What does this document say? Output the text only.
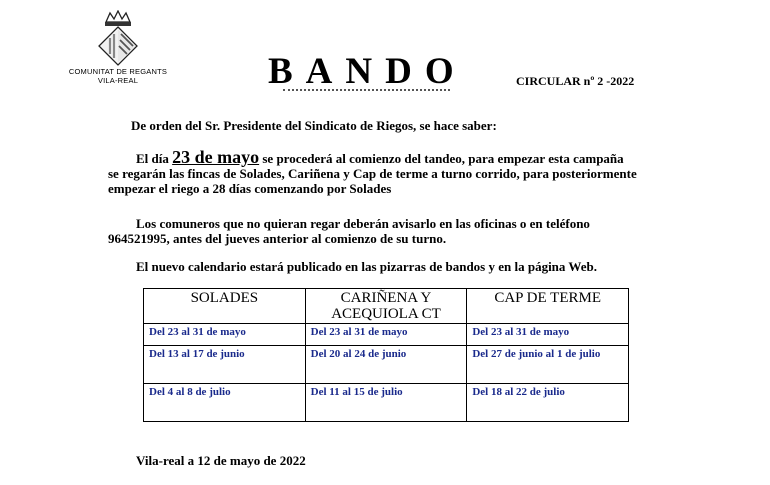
COMUNITAT DE REGANTS
VILA-REAL	BANDO	CIRCULAR nº 2 -2022
De orden del Sr. Presidente del Sindicato de Riegos, se hace saber:
El día 23 de mayo se procederá al comienzo del tandeo, para empezar esta campaña
se regarán las fincas de Solades, Cariñena y Cap de terme a turno corrido, para posteriormente
empezar el riego a 28 días comenzando por Solades
Los comuneros que no quieran regar deberán avisarlo en las oficinas o en teléfono
964521995, antes del jueves anterior al comienzo de su turno.
El nuevo calendario estará publicado en las pizarras de bandos y en la página Web.
SOLADES	CARIÑENA Y ACEQUIOLA CT	CAP DE TERME
Del 23 al 31 de mayo	Del 23 al 31 de mayo	Del 23 al 31 de mayo
Del 13 al 17 de junio	Del 20 al 24 de junio	Del 27 de junio al 1 de julio
Del 4 al 8 de julio	Del 11 al 15 de julio	Del 18 al 22 de julio
Vila-real a 12 de mayo de 2022
